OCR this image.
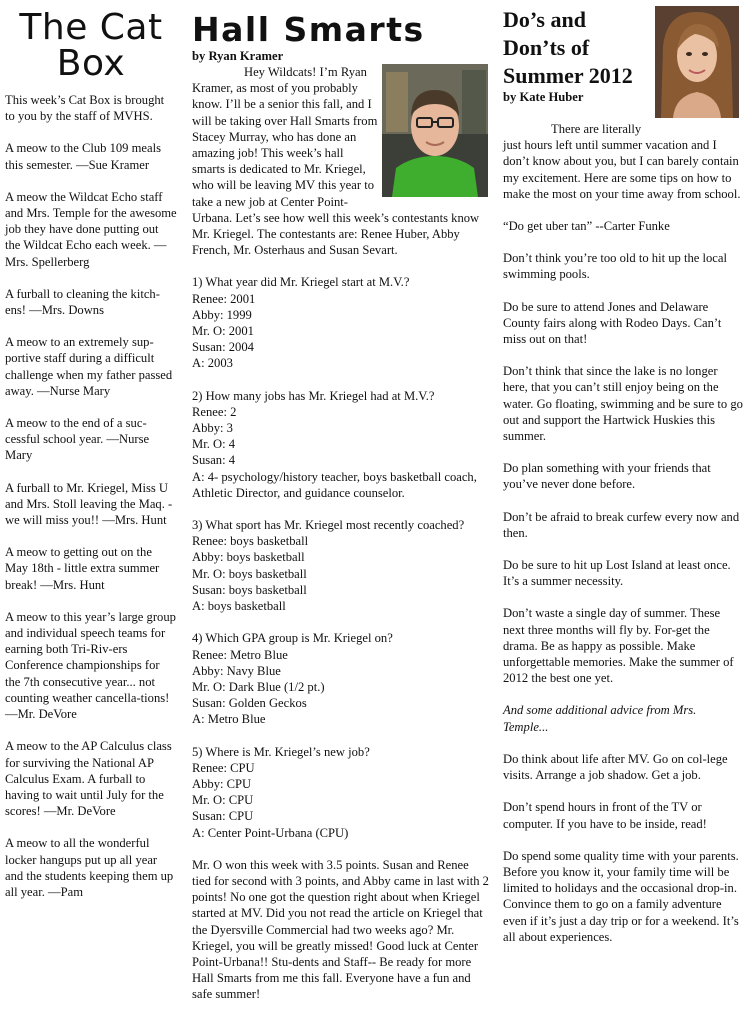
The Cat
Box

This week’s Cat Box is brought to you by the staff of MVHS.

A meow to the Club 109 meals this semester. —Sue Kramer

A meow the Wildcat Echo staff and Mrs. Temple for the awesome job they have done putting out the Wildcat Echo each week. —Mrs. Spellerberg

A furball to cleaning the kitch-ens! —Mrs. Downs

A meow to an extremely sup-portive staff during a difficult challenge when my father passed away. —Nurse Mary

A meow to the end of a suc-cessful school year. —Nurse Mary

A furball to Mr. Kriegel, Miss U and Mrs. Stoll leaving the Maq. - we will miss you!! —Mrs. Hunt

A meow to getting out on the May 18th - little extra summer break! —Mrs. Hunt

A meow to this year’s large group and individual speech teams for earning both Tri-Riv-ers Conference championships for the 7th consecutive year... not counting weather cancella-tions! —Mr. DeVore

A meow to the AP Calculus class for surviving the National AP Calculus Exam. A furball to having to wait until July for the scores! —Mr. DeVore

A meow to all the wonderful locker hangups put up all year and the students keeping them up all year. —Pam

Hall Smarts
by Ryan Kramer

Hey Wildcats! I’m Ryan Kramer, as most of you probably know. I’ll be a senior this fall, and I will be taking over Hall Smarts from Stacey Murray, who has done an amazing job! This week’s hall smarts is dedicated to Mr. Kriegel, who will be leaving MV this year to take a new job at Center Point-Urbana. Let’s see how well this week’s contestants know Mr. Kriegel. The contestants are: Renee Huber, Abby French, Mr. Osterhaus and Susan Sevart.

1) What year did Mr. Kriegel start at M.V.?
Renee: 2001
Abby: 1999
Mr. O: 2001
Susan: 2004
A: 2003

2) How many jobs has Mr. Kriegel had at M.V.?
Renee: 2
Abby: 3
Mr. O: 4
Susan: 4
A: 4- psychology/history teacher, boys basketball coach, Athletic Director, and guidance counselor.

3) What sport has Mr. Kriegel most recently coached?
Renee: boys basketball
Abby: boys basketball
Mr. O: boys basketball
Susan: boys basketball
A: boys basketball

4) Which GPA group is Mr. Kriegel on?
Renee: Metro Blue
Abby: Navy Blue
Mr. O: Dark Blue (1/2 pt.)
Susan: Golden Geckos
A: Metro Blue

5) Where is Mr. Kriegel’s new job?
Renee: CPU
Abby: CPU
Mr. O: CPU
Susan: CPU
A: Center Point-Urbana (CPU)

Mr. O won this week with 3.5 points. Susan and Renee tied for second with 3 points, and Abby came in last with 2 points! No one got the question right about when Kriegel started at MV. Did you not read the article on Kriegel that the Dyersville Commercial had two weeks ago? Mr. Kriegel, you will be greatly missed! Good luck at Center Point-Urbana!! Stu-dents and Staff-- Be ready for more Hall Smarts from me this fall. Everyone have a fun and safe summer!

Do’s and Don’ts of Summer 2012
by Kate Huber

There are literally just hours left until summer vacation and I don’t know about you, but I can barely contain my excitement. Here are some tips on how to make the most on your time away from school.

“Do get uber tan” --Carter Funke

Don’t think you’re too old to hit up the local swimming pools.

Do be sure to attend Jones and Delaware County fairs along with Rodeo Days. Can’t miss out on that!

Don’t think that since the lake is no longer here, that you can’t still enjoy being on the water. Go floating, swimming and be sure to go out and support the Hartwick Huskies this summer.

Do plan something with your friends that you’ve never done before.

Don’t be afraid to break curfew every now and then.

Do be sure to hit up Lost Island at least once. It’s a summer necessity.

Don’t waste a single day of summer. These next three months will fly by. For-get the drama. Be as happy as possible. Make unforgettable memories. Make the summer of 2012 the best one yet.

And some additional advice from Mrs. Temple...

Do think about life after MV. Go on col-lege visits. Arrange a job shadow. Get a job.

Don’t spend hours in front of the TV or computer. If you have to be inside, read!

Do spend some quality time with your parents. Before you know it, your family time will be limited to holidays and the occasional drop-in. Convince them to go on a family adventure even if it’s just a day trip or for a weekend. It’s all about experiences.
